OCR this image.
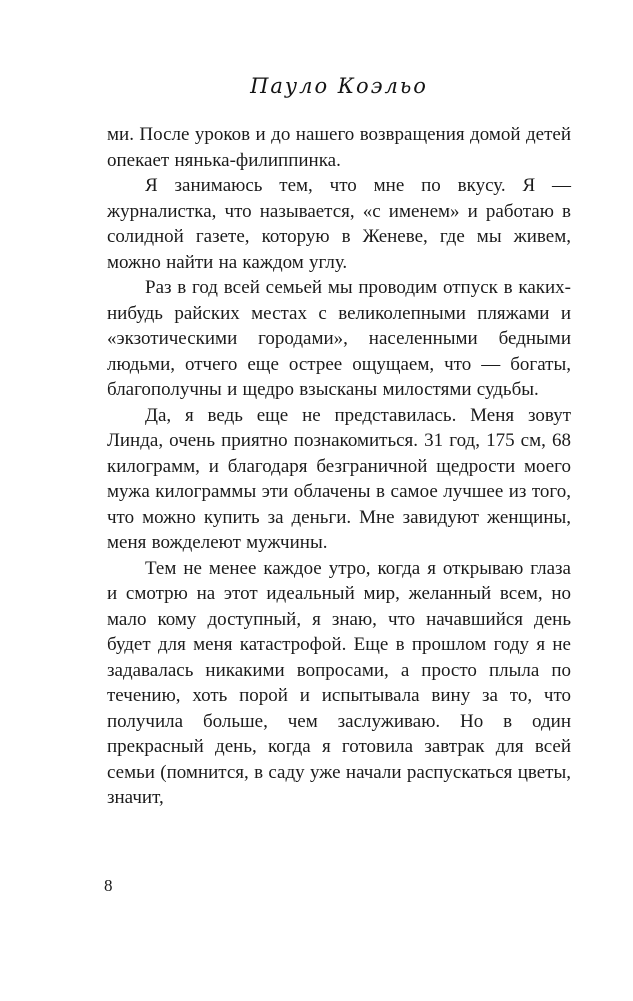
Пауло Коэльо

ми. После уроков и до нашего возвращения домой детей опекает нянька-филиппинка.

Я занимаюсь тем, что мне по вкусу. Я — журналистка, что называется, «с именем» и работаю в солидной газете, которую в Женеве, где мы живем, можно найти на каждом углу.

Раз в год всей семьей мы проводим отпуск в каких-нибудь райских местах с великолепными пляжами и «экзотическими городами», населенными бедными людьми, отчего еще острее ощущаем, что — богаты, благополучны и щедро взысканы милостями судьбы.

Да, я ведь еще не представилась. Меня зовут Линда, очень приятно познакомиться. 31 год, 175 см, 68 килограмм, и благодаря безграничной щедрости моего мужа килограммы эти облачены в самое лучшее из того, что можно купить за деньги. Мне завидуют женщины, меня вожделеют мужчины.

Тем не менее каждое утро, когда я открываю глаза и смотрю на этот идеальный мир, желанный всем, но мало кому доступный, я знаю, что начавшийся день будет для меня катастрофой. Еще в прошлом году я не задавалась никакими вопросами, а просто плыла по течению, хоть порой и испытывала вину за то, что получила больше, чем заслуживаю. Но в один прекрасный день, когда я готовила завтрак для всей семьи (помнится, в саду уже начали распускаться цветы, значит,

8
